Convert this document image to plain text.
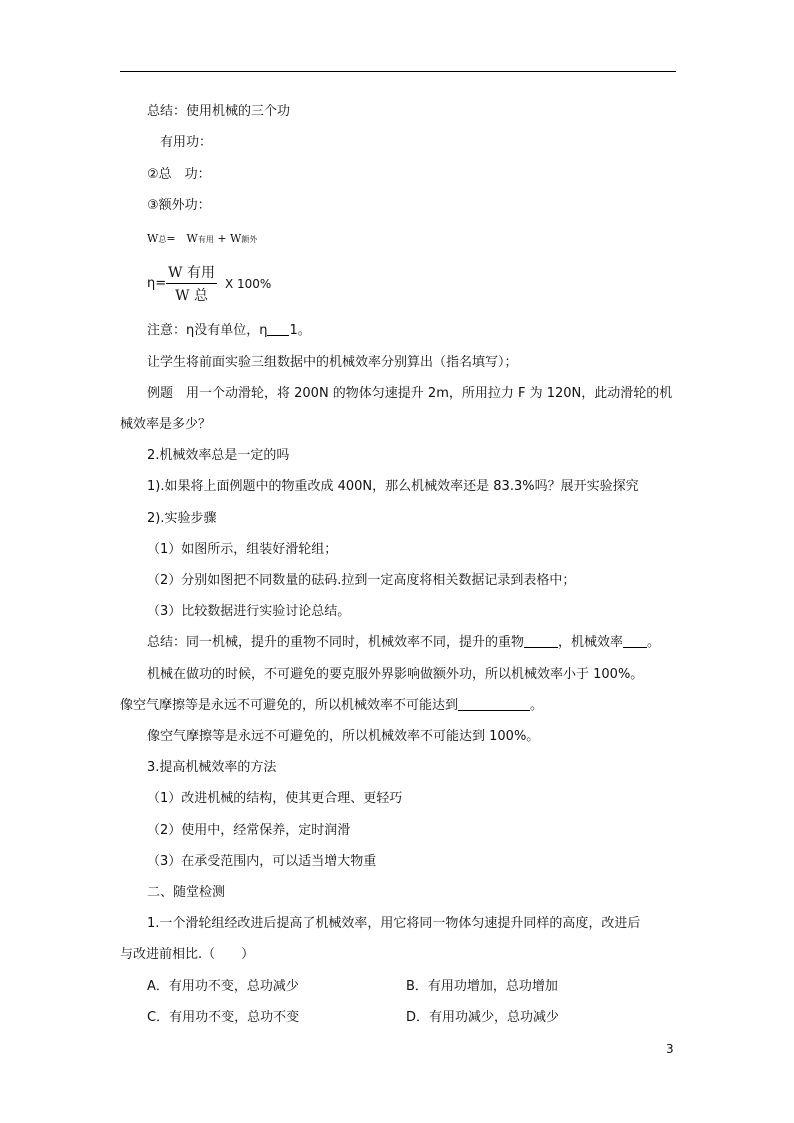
总结：使用机械的三个功
有用功：
②总　功：
③额外功：
W总=　W有用 + W额外
$\eta= \frac{\text{W 有用}}{\text{W 总}}$ X 100%
注意：η没有单位，η 1。
让学生将前面实验三组数据中的机械效率分别算出（指名填写）；
例题　用一个动滑轮，将 200N 的物体匀速提升 2m，所用拉力 F 为 120N，此动滑轮的机
械效率是多少？
2.机械效率总是一定的吗
1).如果将上面例题中的物重改成 400N，那么机械效率还是 83.3%吗？展开实验探究
2).实验步骤
（1）如图所示，组装好滑轮组；
（2）分别如图把不同数量的砝码.拉到一定高度将相关数据记录到表格中；
（3）比较数据进行实验讨论总结。
总结：同一机械，提升的重物不同时，机械效率不同，提升的重物	，机械效率 。
机械在做功的时候，不可避免的要克服外界影响做额外功，所以机械效率小于 100%。
像空气摩擦等是永远不可避免的，所以机械效率不可能达到	。
像空气摩擦等是永远不可避免的，所以机械效率不可能达到 100%。
3.提高机械效率的方法
（1）改进机械的结构，使其更合理、更轻巧
（2）使用中，经常保养，定时润滑
（3）在承受范围内，可以适当增大物重
二、随堂检测
1.一个滑轮组经改进后提高了机械效率，用它将同一物体匀速提升同样的高度，改进后
与改进前相比.（　　）
A．有用功不变，总功减少	B．有用功增加，总功增加
C．有用功不变，总功不变	D．有用功减少，总功减少
3
